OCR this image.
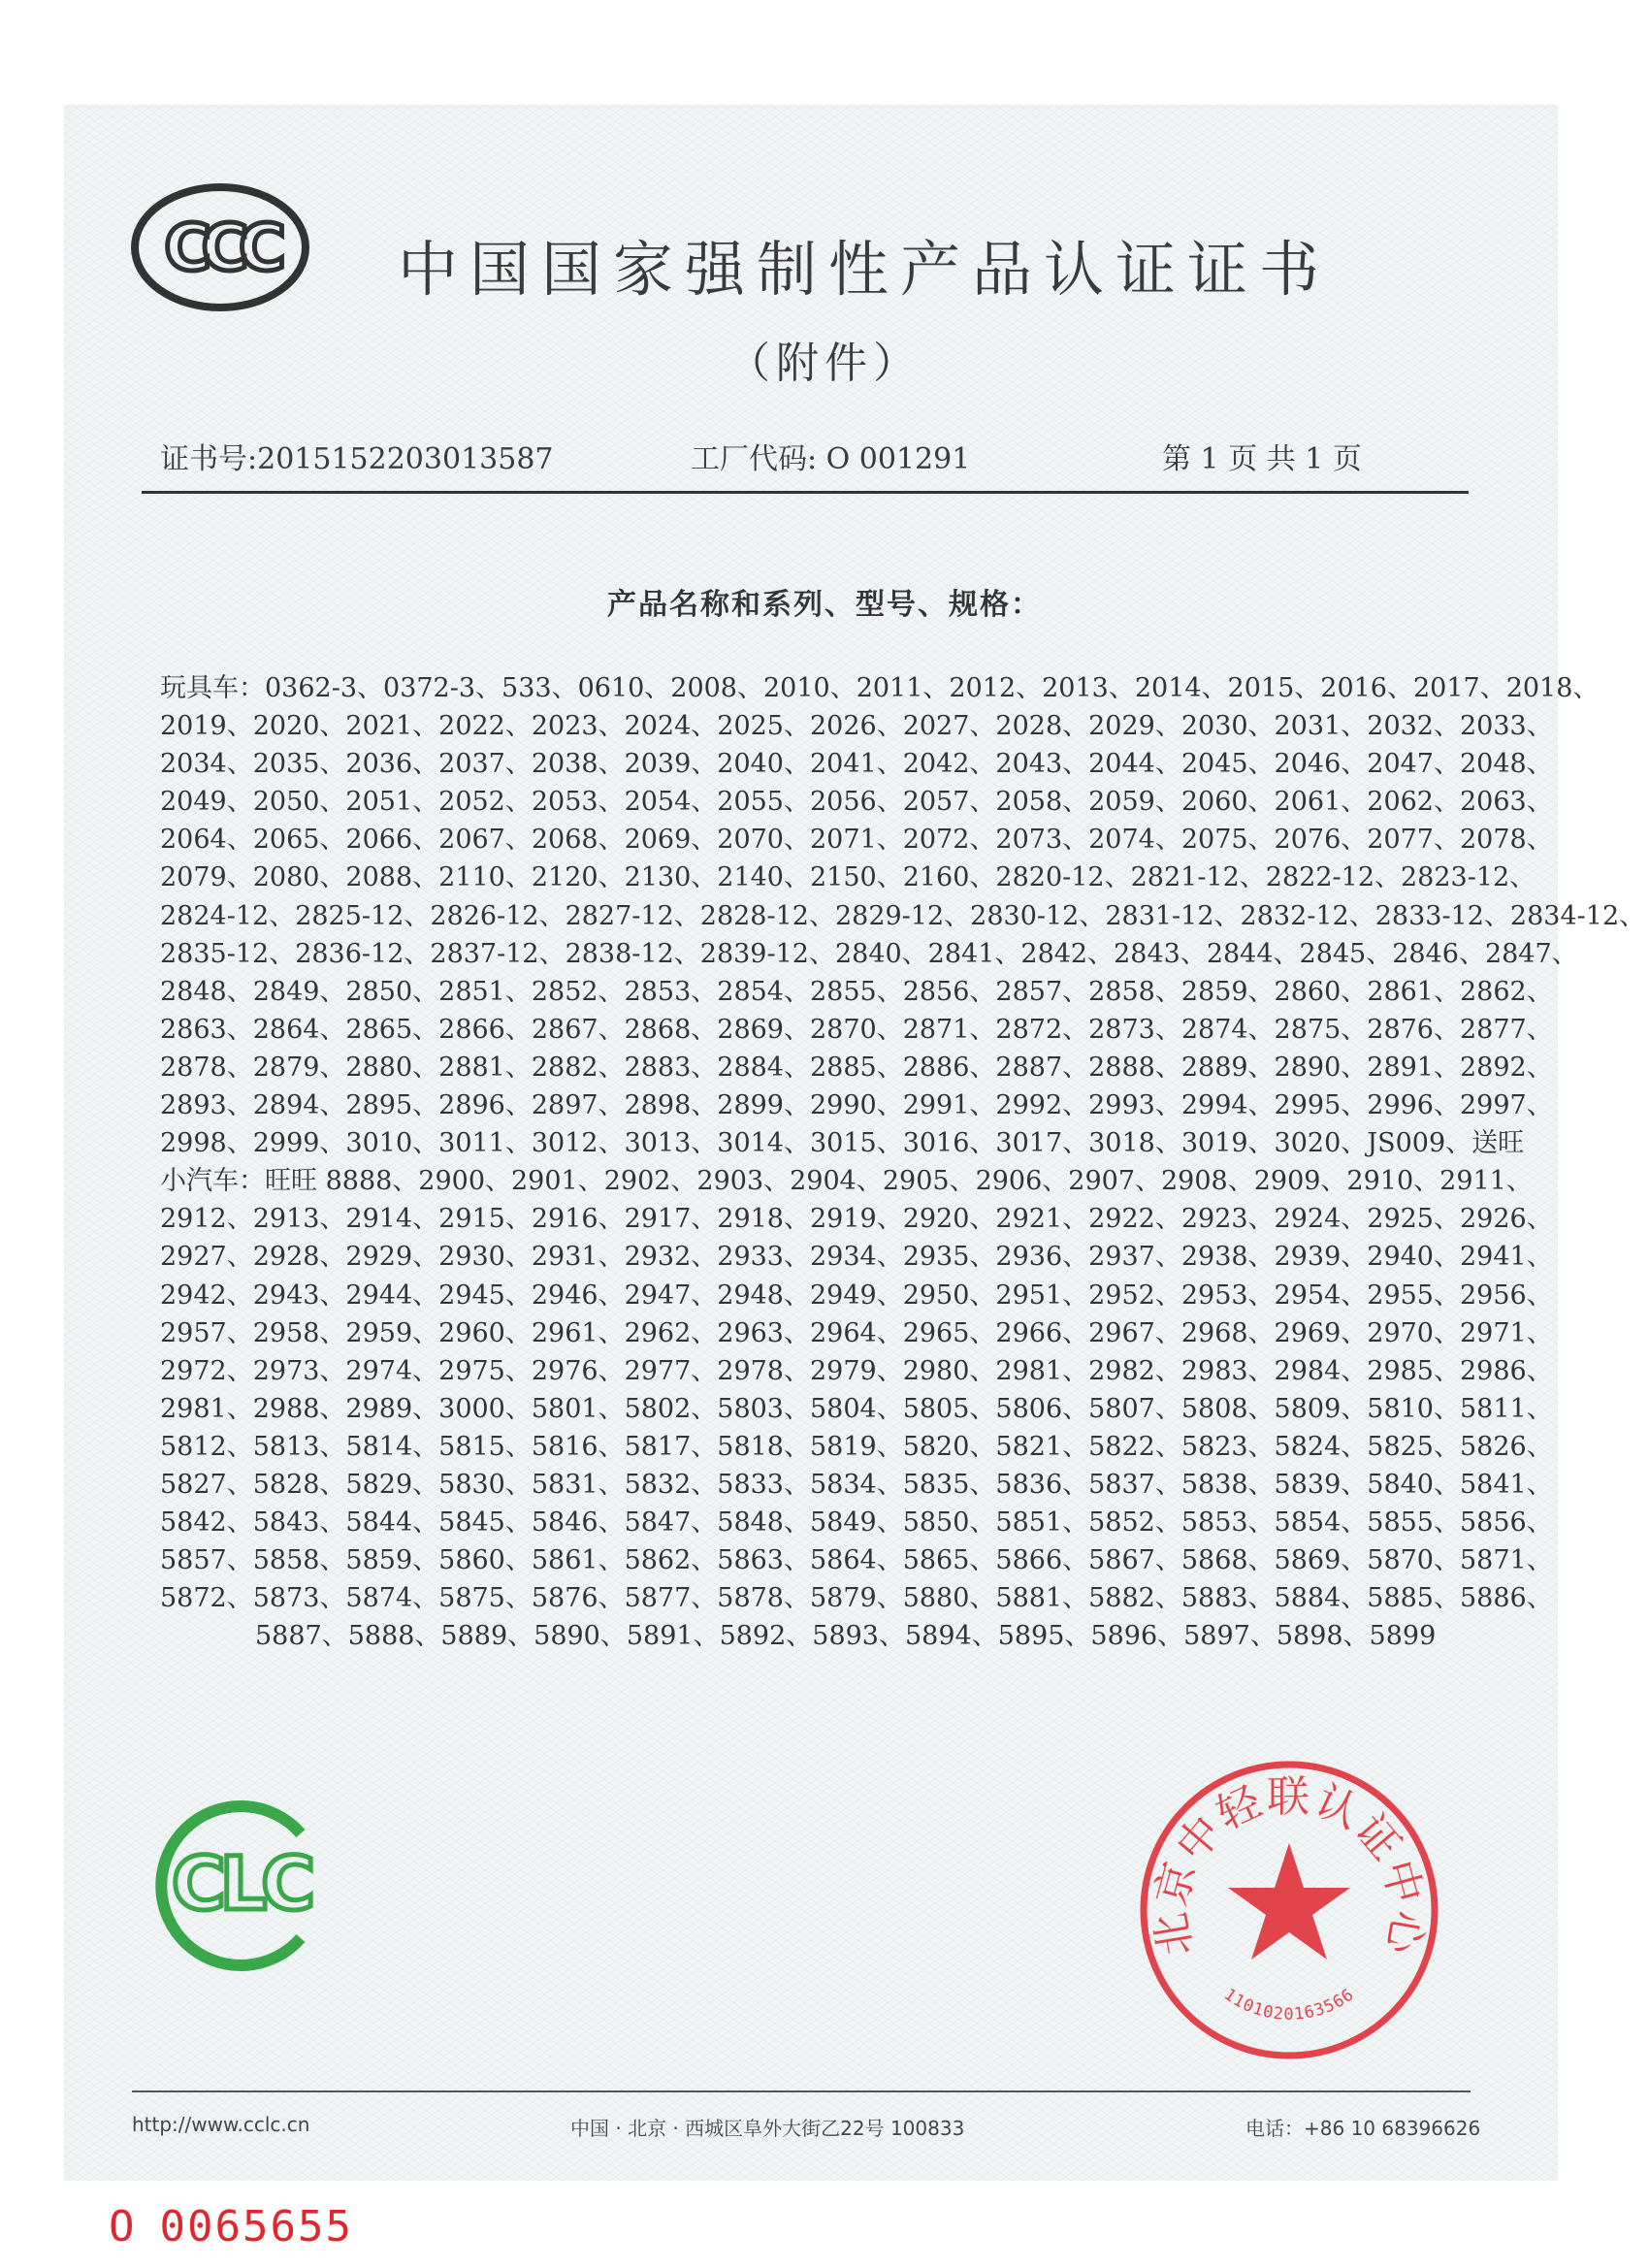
CCC 中国国家强制性产品认证证书
（附件）
证书号:2015152203013587	工厂代码: O 001291	第 1 页 共 1 页
产品名称和系列、型号、规格：
玩具车：0362-3、0372-3、533、0610、2008、2010、2011、2012、2013、2014、2015、2016、2017、2018、
2019、2020、2021、2022、2023、2024、2025、2026、2027、2028、2029、2030、2031、2032、2033、
2034、2035、2036、2037、2038、2039、2040、2041、2042、2043、2044、2045、2046、2047、2048、
2049、2050、2051、2052、2053、2054、2055、2056、2057、2058、2059、2060、2061、2062、2063、
2064、2065、2066、2067、2068、2069、2070、2071、2072、2073、2074、2075、2076、2077、2078、
2079、2080、2088、2110、2120、2130、2140、2150、2160、2820-12、2821-12、2822-12、2823-12、
2824-12、2825-12、2826-12、2827-12、2828-12、2829-12、2830-12、2831-12、2832-12、2833-12、2834-12、
2835-12、2836-12、2837-12、2838-12、2839-12、2840、2841、2842、2843、2844、2845、2846、2847、
2848、2849、2850、2851、2852、2853、2854、2855、2856、2857、2858、2859、2860、2861、2862、
2863、2864、2865、2866、2867、2868、2869、2870、2871、2872、2873、2874、2875、2876、2877、
2878、2879、2880、2881、2882、2883、2884、2885、2886、2887、2888、2889、2890、2891、2892、
2893、2894、2895、2896、2897、2898、2899、2990、2991、2992、2993、2994、2995、2996、2997、
2998、2999、3010、3011、3012、3013、3014、3015、3016、3017、3018、3019、3020、JS009、送旺
小汽车：旺旺 8888、2900、2901、2902、2903、2904、2905、2906、2907、2908、2909、2910、2911、
2912、2913、2914、2915、2916、2917、2918、2919、2920、2921、2922、2923、2924、2925、2926、
2927、2928、2929、2930、2931、2932、2933、2934、2935、2936、2937、2938、2939、2940、2941、
2942、2943、2944、2945、2946、2947、2948、2949、2950、2951、2952、2953、2954、2955、2956、
2957、2958、2959、2960、2961、2962、2963、2964、2965、2966、2967、2968、2969、2970、2971、
2972、2973、2974、2975、2976、2977、2978、2979、2980、2981、2982、2983、2984、2985、2986、
2981、2988、2989、3000、5801、5802、5803、5804、5805、5806、5807、5808、5809、5810、5811、
5812、5813、5814、5815、5816、5817、5818、5819、5820、5821、5822、5823、5824、5825、5826、
5827、5828、5829、5830、5831、5832、5833、5834、5835、5836、5837、5838、5839、5840、5841、
5842、5843、5844、5845、5846、5847、5848、5849、5850、5851、5852、5853、5854、5855、5856、
5857、5858、5859、5860、5861、5862、5863、5864、5865、5866、5867、5868、5869、5870、5871、
5872、5873、5874、5875、5876、5877、5878、5879、5880、5881、5882、5883、5884、5885、5886、
5887、5888、5889、5890、5891、5892、5893、5894、5895、5896、5897、5898、5899
CLC
北京中轻联认证中心
1101020163566
http://www.cclc.cn	中国 · 北京 · 西城区阜外大街乙22号 100833	电话：+86 10 68396626
O 0065655
